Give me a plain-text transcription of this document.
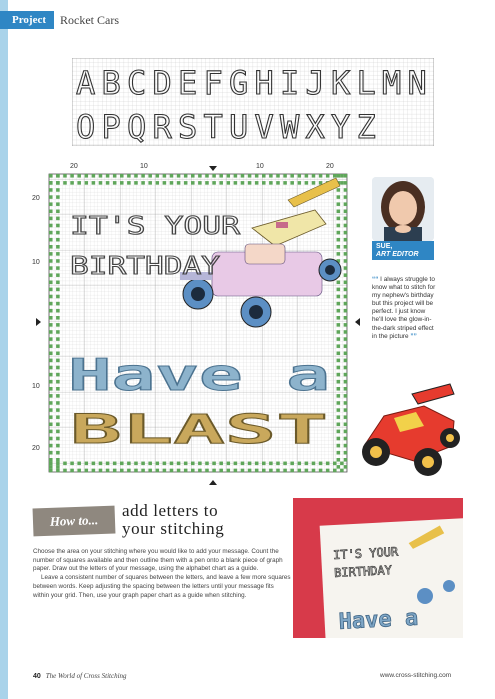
Project	Rocket Cars
A B C D E F G H I J K L M N
O P Q R S T U V W X Y Z
20	10	10	20
20
10
10
20
IT'S YOUR
BIRTHDAY
Have a
BLAST
SUE,
ART EDITOR
““ I always struggle to know what to stitch for my nephew's birthday but this project will be perfect. I just know he'll love the glow-in-the-dark striped effect in the picture ””
How to...
add letters to
your stitching
Choose the area on your stitching where you would like to add your message. Count the number of squares available and then outline them with a pen onto a blank piece of graph paper. Draw out the letters of your message, using the alphabet chart as a guide.
Leave a consistent number of squares between the letters, and leave a few more squares between words. Keep adjusting the spacing between the letters until your message fits within your grid. Then, use your graph paper chart as a guide when stitching.
IT'S YOUR
BIRTHDAY
Have a
40 The World of Cross Stitching	www.cross-stitching.com
